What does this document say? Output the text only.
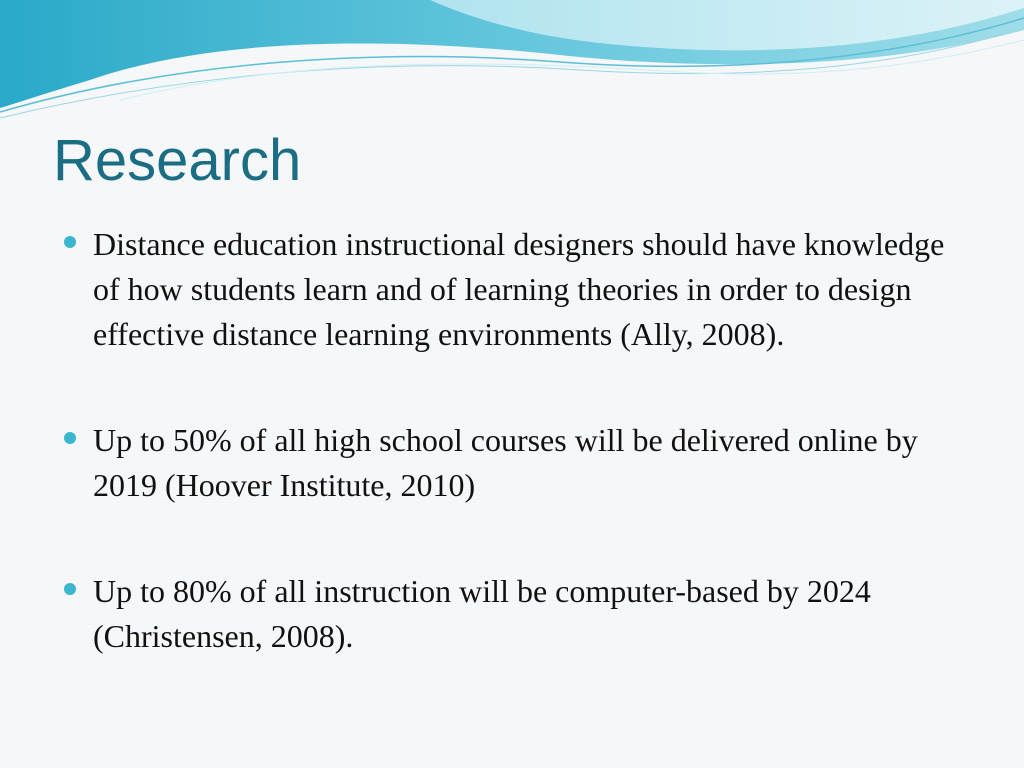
Research
Distance education instructional designers should have knowledge of how students learn and of learning theories in order to design effective distance learning environments (Ally, 2008).
Up to 50% of all high school courses will be delivered online by 2019 (Hoover Institute, 2010)
Up to 80% of all instruction will be computer-based by 2024 (Christensen, 2008).
